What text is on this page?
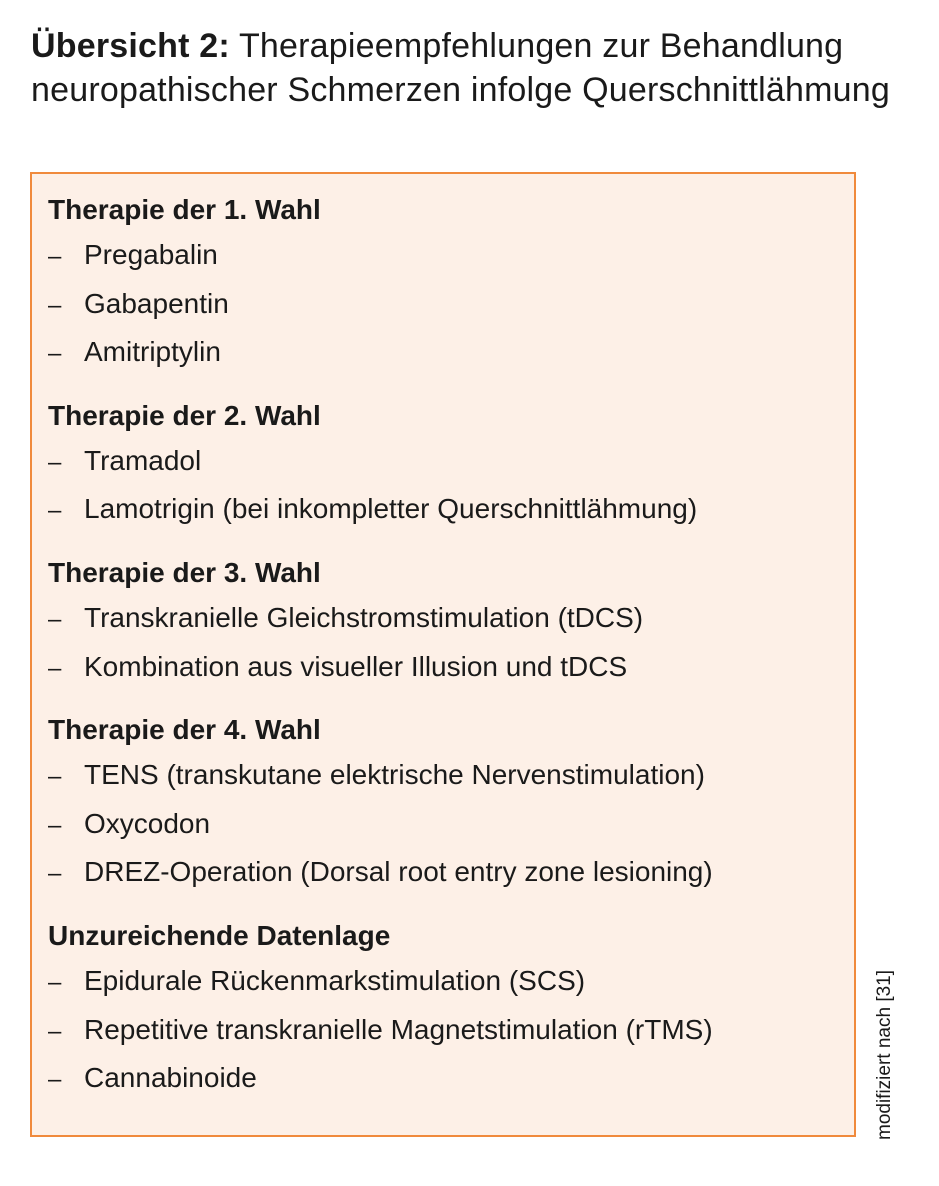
Übersicht 2: Therapieempfehlungen zur Behandlung neuropathischer Schmerzen infolge Querschnittlähmung
Therapie der 1. Wahl
– Pregabalin
– Gabapentin
– Amitriptylin
Therapie der 2. Wahl
– Tramadol
– Lamotrigin (bei inkompletter Querschnittlähmung)
Therapie der 3. Wahl
– Transkranielle Gleichstromstimulation (tDCS)
– Kombination aus visueller Illusion und tDCS
Therapie der 4. Wahl
– TENS (transkutane elektrische Nervenstimulation)
– Oxycodon
– DREZ-Operation (Dorsal root entry zone lesioning)
Unzureichende Datenlage
– Epidurale Rückenmarkstimulation (SCS)
– Repetitive transkranielle Magnetstimulation (rTMS)
– Cannabinoide	modifiziert nach [31]
